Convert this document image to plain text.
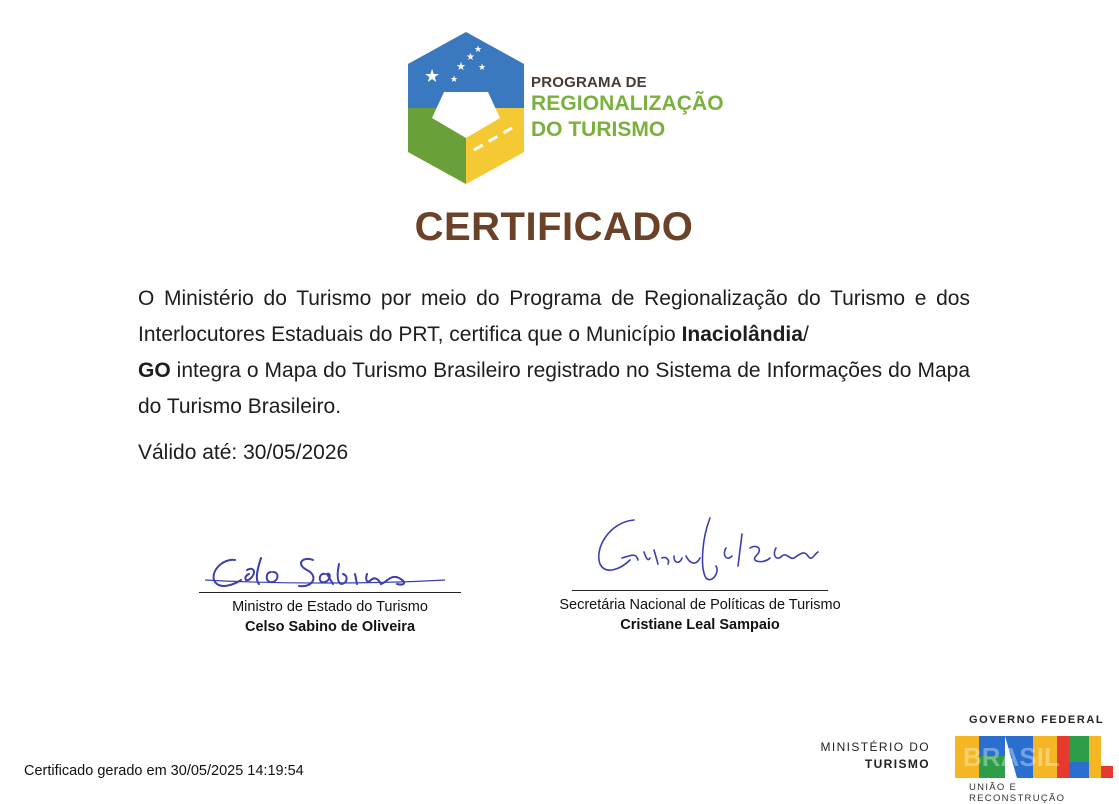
★ ★
★
★
★
★	PROGRAMA DE
REGIONALIZAÇÃO
DO TURISMO
CERTIFICADO
O Ministério do Turismo por meio do Programa de Regionalização do Turismo e dos Interlocutores Estaduais do PRT, certifica que o Município Inaciolândia/
GO integra o Mapa do Turismo Brasileiro registrado no Sistema de Informações do Mapa do Turismo Brasileiro.
Válido até: 30/05/2026
Ministro de Estado do Turismo
Celso Sabino de Oliveira
Secretária Nacional de Políticas de Turismo
Cristiane Leal Sampaio
Certificado gerado em 30/05/2025 14:19:54
MINISTÉRIO DO
TURISMO
GOVERNO FEDERAL
BRASIL
UNIÃO E RECONSTRUÇÃO
